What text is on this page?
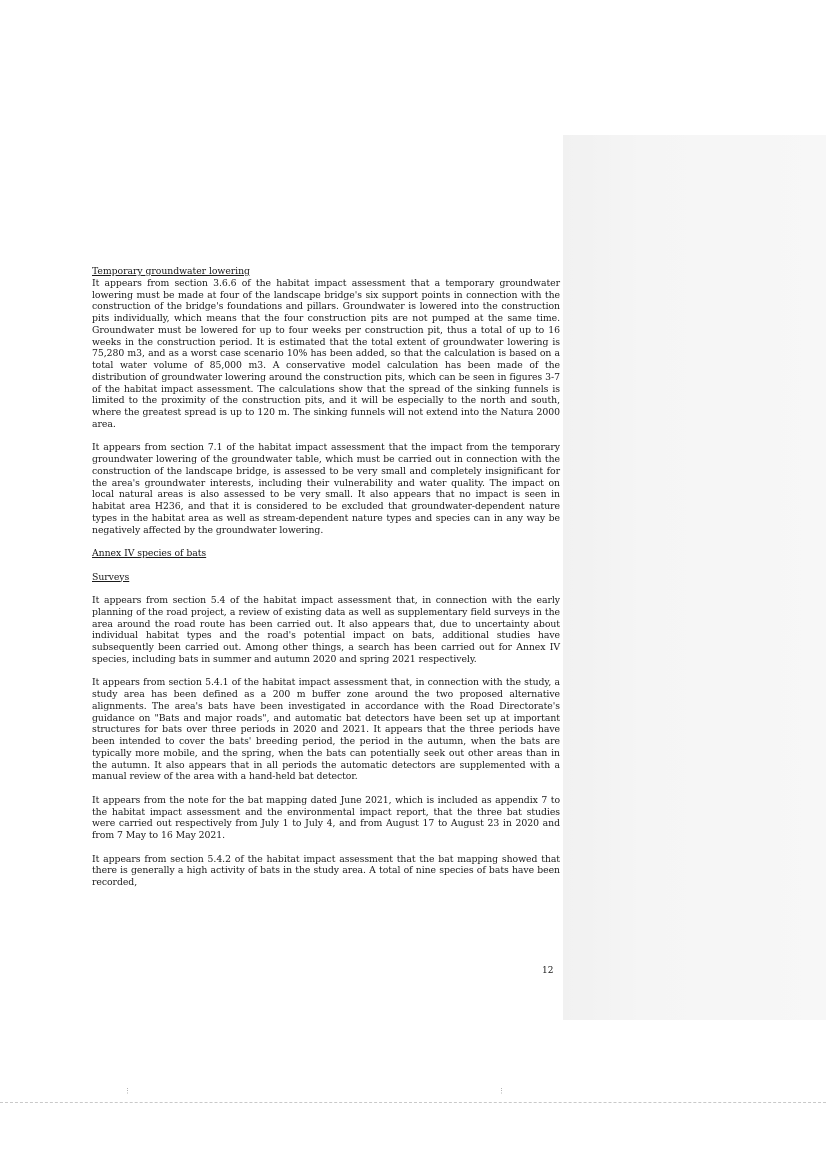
Temporary groundwater lowering

It appears from section 3.6.6 of the habitat impact assessment that a temporary groundwater lowering must be made at four of the landscape bridge's six support points in connection with the construction of the bridge's foundations and pillars. Groundwater is lowered into the construction pits individually, which means that the four construction pits are not pumped at the same time. Groundwater must be lowered for up to four weeks per construction pit, thus a total of up to 16 weeks in the construction period. It is estimated that the total extent of groundwater lowering is 75,280 m3, and as a worst case scenario 10% has been added, so that the calculation is based on a total water volume of 85,000 m3. A conservative model calculation has been made of the distribution of groundwater lowering around the construction pits, which can be seen in figures 3-7 of the habitat impact assessment. The calculations show that the spread of the sinking funnels is limited to the proximity of the construction pits, and it will be especially to the north and south, where the greatest spread is up to 120 m. The sinking funnels will not extend into the Natura 2000 area.

It appears from section 7.1 of the habitat impact assessment that the impact from the temporary groundwater lowering of the groundwater table, which must be carried out in connection with the construction of the landscape bridge, is assessed to be very small and completely insignificant for the area's groundwater interests, including their vulnerability and water quality. The impact on local natural areas is also assessed to be very small. It also appears that no impact is seen in habitat area H236, and that it is considered to be excluded that groundwater-dependent nature types in the habitat area as well as stream-dependent nature types and species can in any way be negatively affected by the groundwater lowering.

Annex IV species of bats

Surveys

It appears from section 5.4 of the habitat impact assessment that, in connection with the early planning of the road project, a review of existing data as well as supplementary field surveys in the area around the road route has been carried out. It also appears that, due to uncertainty about individual habitat types and the road's potential impact on bats, additional studies have subsequently been carried out. Among other things, a search has been carried out for Annex IV species, including bats in summer and autumn 2020 and spring 2021 respectively.

It appears from section 5.4.1 of the habitat impact assessment that, in connection with the study, a study area has been defined as a 200 m buffer zone around the two proposed alternative alignments. The area's bats have been investigated in accordance with the Road Directorate's guidance on "Bats and major roads", and automatic bat detectors have been set up at important structures for bats over three periods in 2020 and 2021. It appears that the three periods have been intended to cover the bats' breeding period, the period in the autumn, when the bats are typically more mobile, and the spring, when the bats can potentially seek out other areas than in the autumn. It also appears that in all periods the automatic detectors are supplemented with a manual review of the area with a hand-held bat detector.

It appears from the note for the bat mapping dated June 2021, which is included as appendix 7 to the habitat impact assessment and the environmental impact report, that the three bat studies were carried out respectively from July 1 to July 4, and from August 17 to August 23 in 2020 and from 7 May to 16 May 2021.

It appears from section 5.4.2 of the habitat impact assessment that the bat mapping showed that there is generally a high activity of bats in the study area. A total of nine species of bats have been recorded,

12
⋮	⋮
